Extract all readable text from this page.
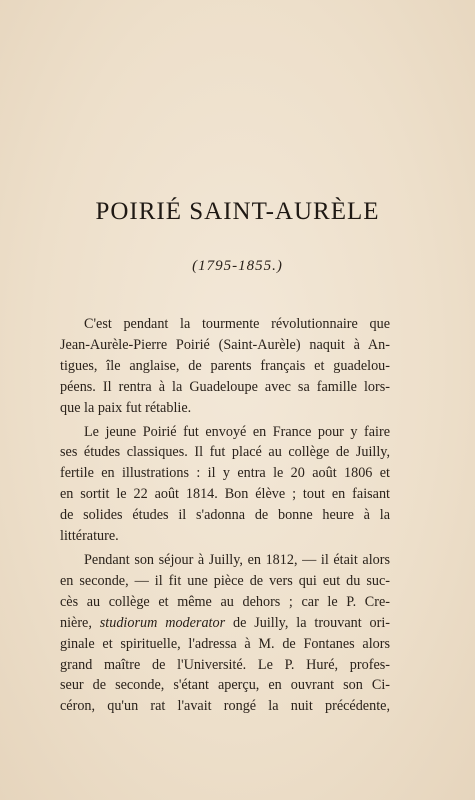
POIRIÉ SAINT-AURÈLE
(1795-1855.)
C'est pendant la tourmente révolutionnaire que
Jean-Aurèle-Pierre Poirié (Saint-Aurèle) naquit à An-
tigues, île anglaise, de parents français et guadelou-
péens. Il rentra à la Guadeloupe avec sa famille lors-
que la paix fut rétablie.
Le jeune Poirié fut envoyé en France pour y faire
ses études classiques. Il fut placé au collège de Juilly,
fertile en illustrations : il y entra le 20 août 1806 et
en sortit le 22 août 1814. Bon élève ; tout en faisant
de solides études il s'adonna de bonne heure à la
littérature.
Pendant son séjour à Juilly, en 1812, — il était alors
en seconde, — il fit une pièce de vers qui eut du suc-
cès au collège et même au dehors ; car le P. Cre-
nière, studiorum moderator de Juilly, la trouvant ori-
ginale et spirituelle, l'adressa à M. de Fontanes alors
grand maître de l'Université. Le P. Huré, profes-
seur de seconde, s'étant aperçu, en ouvrant son Ci-
céron, qu'un rat l'avait rongé la nuit précédente,
